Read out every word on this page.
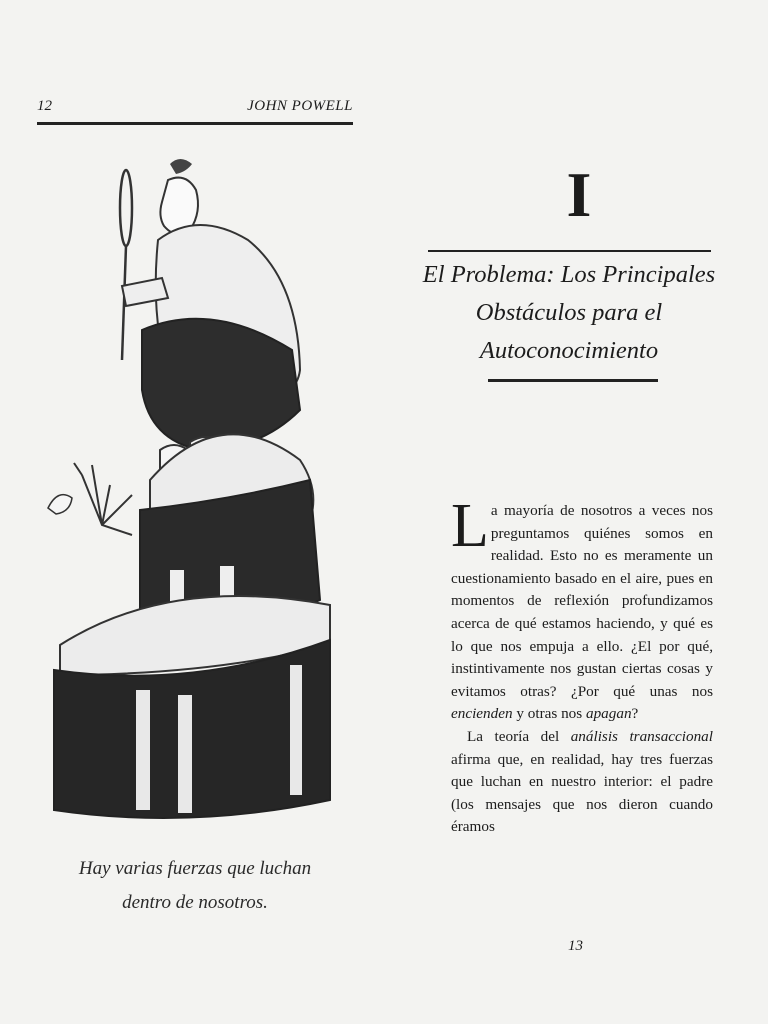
12	JOHN POWELL
Hay varias fuerzas que luchan
dentro de nosotros.
I
El Problema: Los Principales
Obstáculos para el
Autoconocimiento

La mayoría de nosotros a veces nos preguntamos quiénes somos en realidad. Esto no es meramente un cuestionamiento basado en el aire, pues en momentos de reflexión profundizamos acerca de qué estamos haciendo, y qué es lo que nos empuja a ello. ¿El por qué, instintivamente nos gustan ciertas cosas y evitamos otras? ¿Por qué unas nos encienden y otras nos apagan?

La teoría del análisis transaccional afirma que, en realidad, hay tres fuerzas que luchan en nuestro interior: el padre (los mensajes que nos dieron cuando éramos

13
